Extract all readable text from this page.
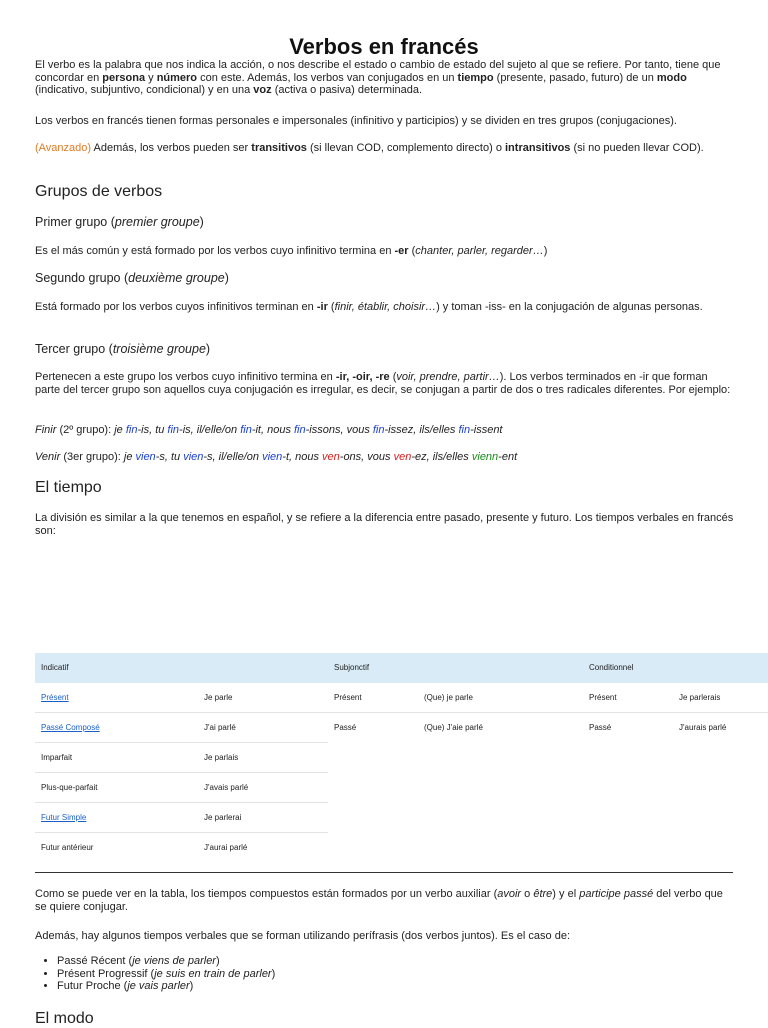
Verbos en francés

El verbo es la palabra que nos indica la acción, o nos describe el estado o cambio de estado del sujeto al que se refiere. Por tanto, tiene que concordar en persona y número con este. Además, los verbos van conjugados en un tiempo (presente, pasado, futuro) de un modo (indicativo, subjuntivo, condicional) y en una voz (activa o pasiva) determinada.

Los verbos en francés tienen formas personales e impersonales (infinitivo y participios) y se dividen en tres grupos (conjugaciones).

(Avanzado) Además, los verbos pueden ser transitivos (si llevan COD, complemento directo) o intransitivos (si no pueden llevar COD).

Grupos de verbos
Primer grupo (premier groupe)

Es el más común y está formado por los verbos cuyo infinitivo termina en -er (chanter, parler, regarder…)

Segundo grupo (deuxième groupe)

Está formado por los verbos cuyos infinitivos terminan en -ir (finir, établir, choisir…) y toman -iss- en la conjugación de algunas personas.

Tercer grupo (troisième groupe)

Pertenecen a este grupo los verbos cuyo infinitivo termina en -ir, -oir, -re (voir, prendre, partir…). Los verbos terminados en -ir que forman parte del tercer grupo son aquellos cuya conjugación es irregular, es decir, se conjugan a partir de dos o tres radicales diferentes. Por ejemplo:

Finir (2º grupo): je fin-is, tu fin-is, il/elle/on fin-it, nous fin-issons, vous fin-issez, ils/elles fin-issent

Venir (3er grupo): je vien-s, tu vien-s, il/elle/on vien-t, nous ven-ons, vous ven-ez, ils/elles vienn-ent

El tiempo

La división es similar a la que tenemos en español, y se refiere a la diferencia entre pasado, presente y futuro. Los tiempos verbales en francés son:

Indicatif	Subjonctif	Conditionnel
Présent	Je parle	Présent	(Que) je parle	Présent	Je parlerais
Passé Composé	J'ai parlé	Passé	(Que) J'aie parlé	Passé	J'aurais parlé
Imparfait	Je parlais
Plus-que-parfait	J'avais parlé
Futur Simple	Je parlerai
Futur antérieur	J'aurai parlé

Como se puede ver en la tabla, los tiempos compuestos están formados por un verbo auxiliar (avoir o être) y el participe passé del verbo que se quiere conjugar.

Además, hay algunos tiempos verbales que se forman utilizando perífrasis (dos verbos juntos). Es el caso de:

• Passé Récent (je viens de parler)
• Présent Progressif (je suis en train de parler)
• Futur Proche (je vais parler)
El modo
